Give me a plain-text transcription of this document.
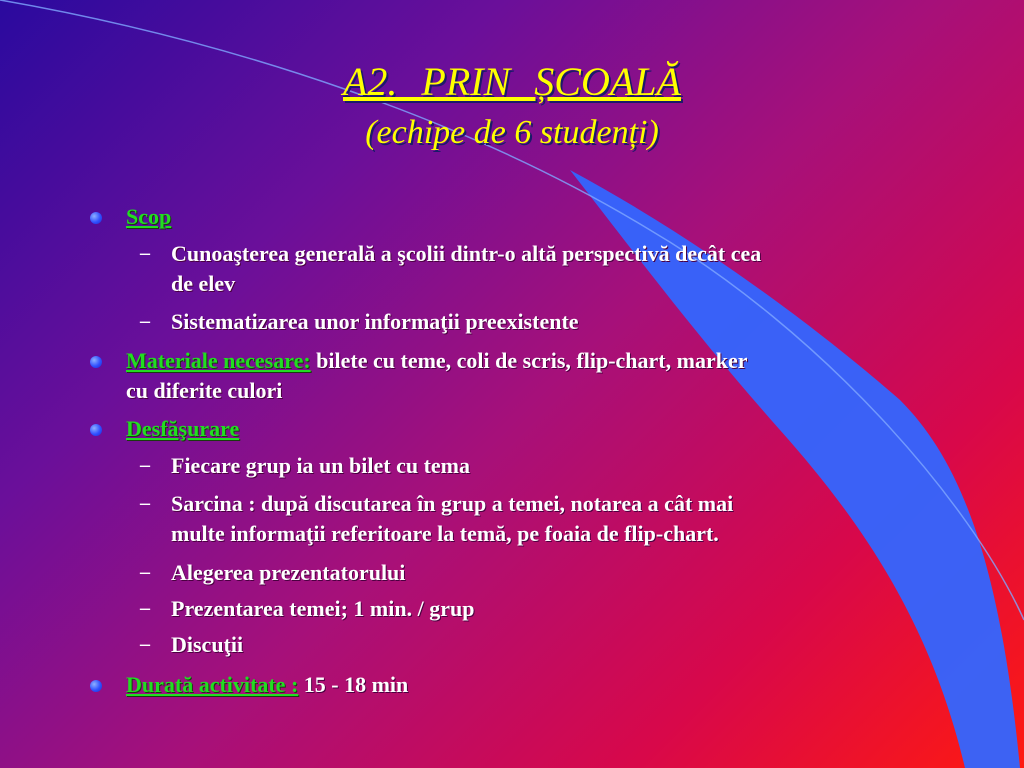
A2. PRIN ȘCOALĂ
(echipe de 6 studenți)
Scop
– Cunoaşterea generală a şcolii dintr-o altă perspectivă decât cea
de elev
– Sistematizarea unor informaţii preexistente
Materiale necesare: bilete cu teme, coli de scris, flip-chart, marker
cu diferite culori
Desfăşurare
– Fiecare grup ia un bilet cu tema
– Sarcina : după discutarea în grup a temei, notarea a cât mai
multe informaţii referitoare la temă, pe foaia de flip-chart.
– Alegerea prezentatorului
– Prezentarea temei; 1 min. / grup
– Discuţii
Durată activitate : 15 - 18 min
